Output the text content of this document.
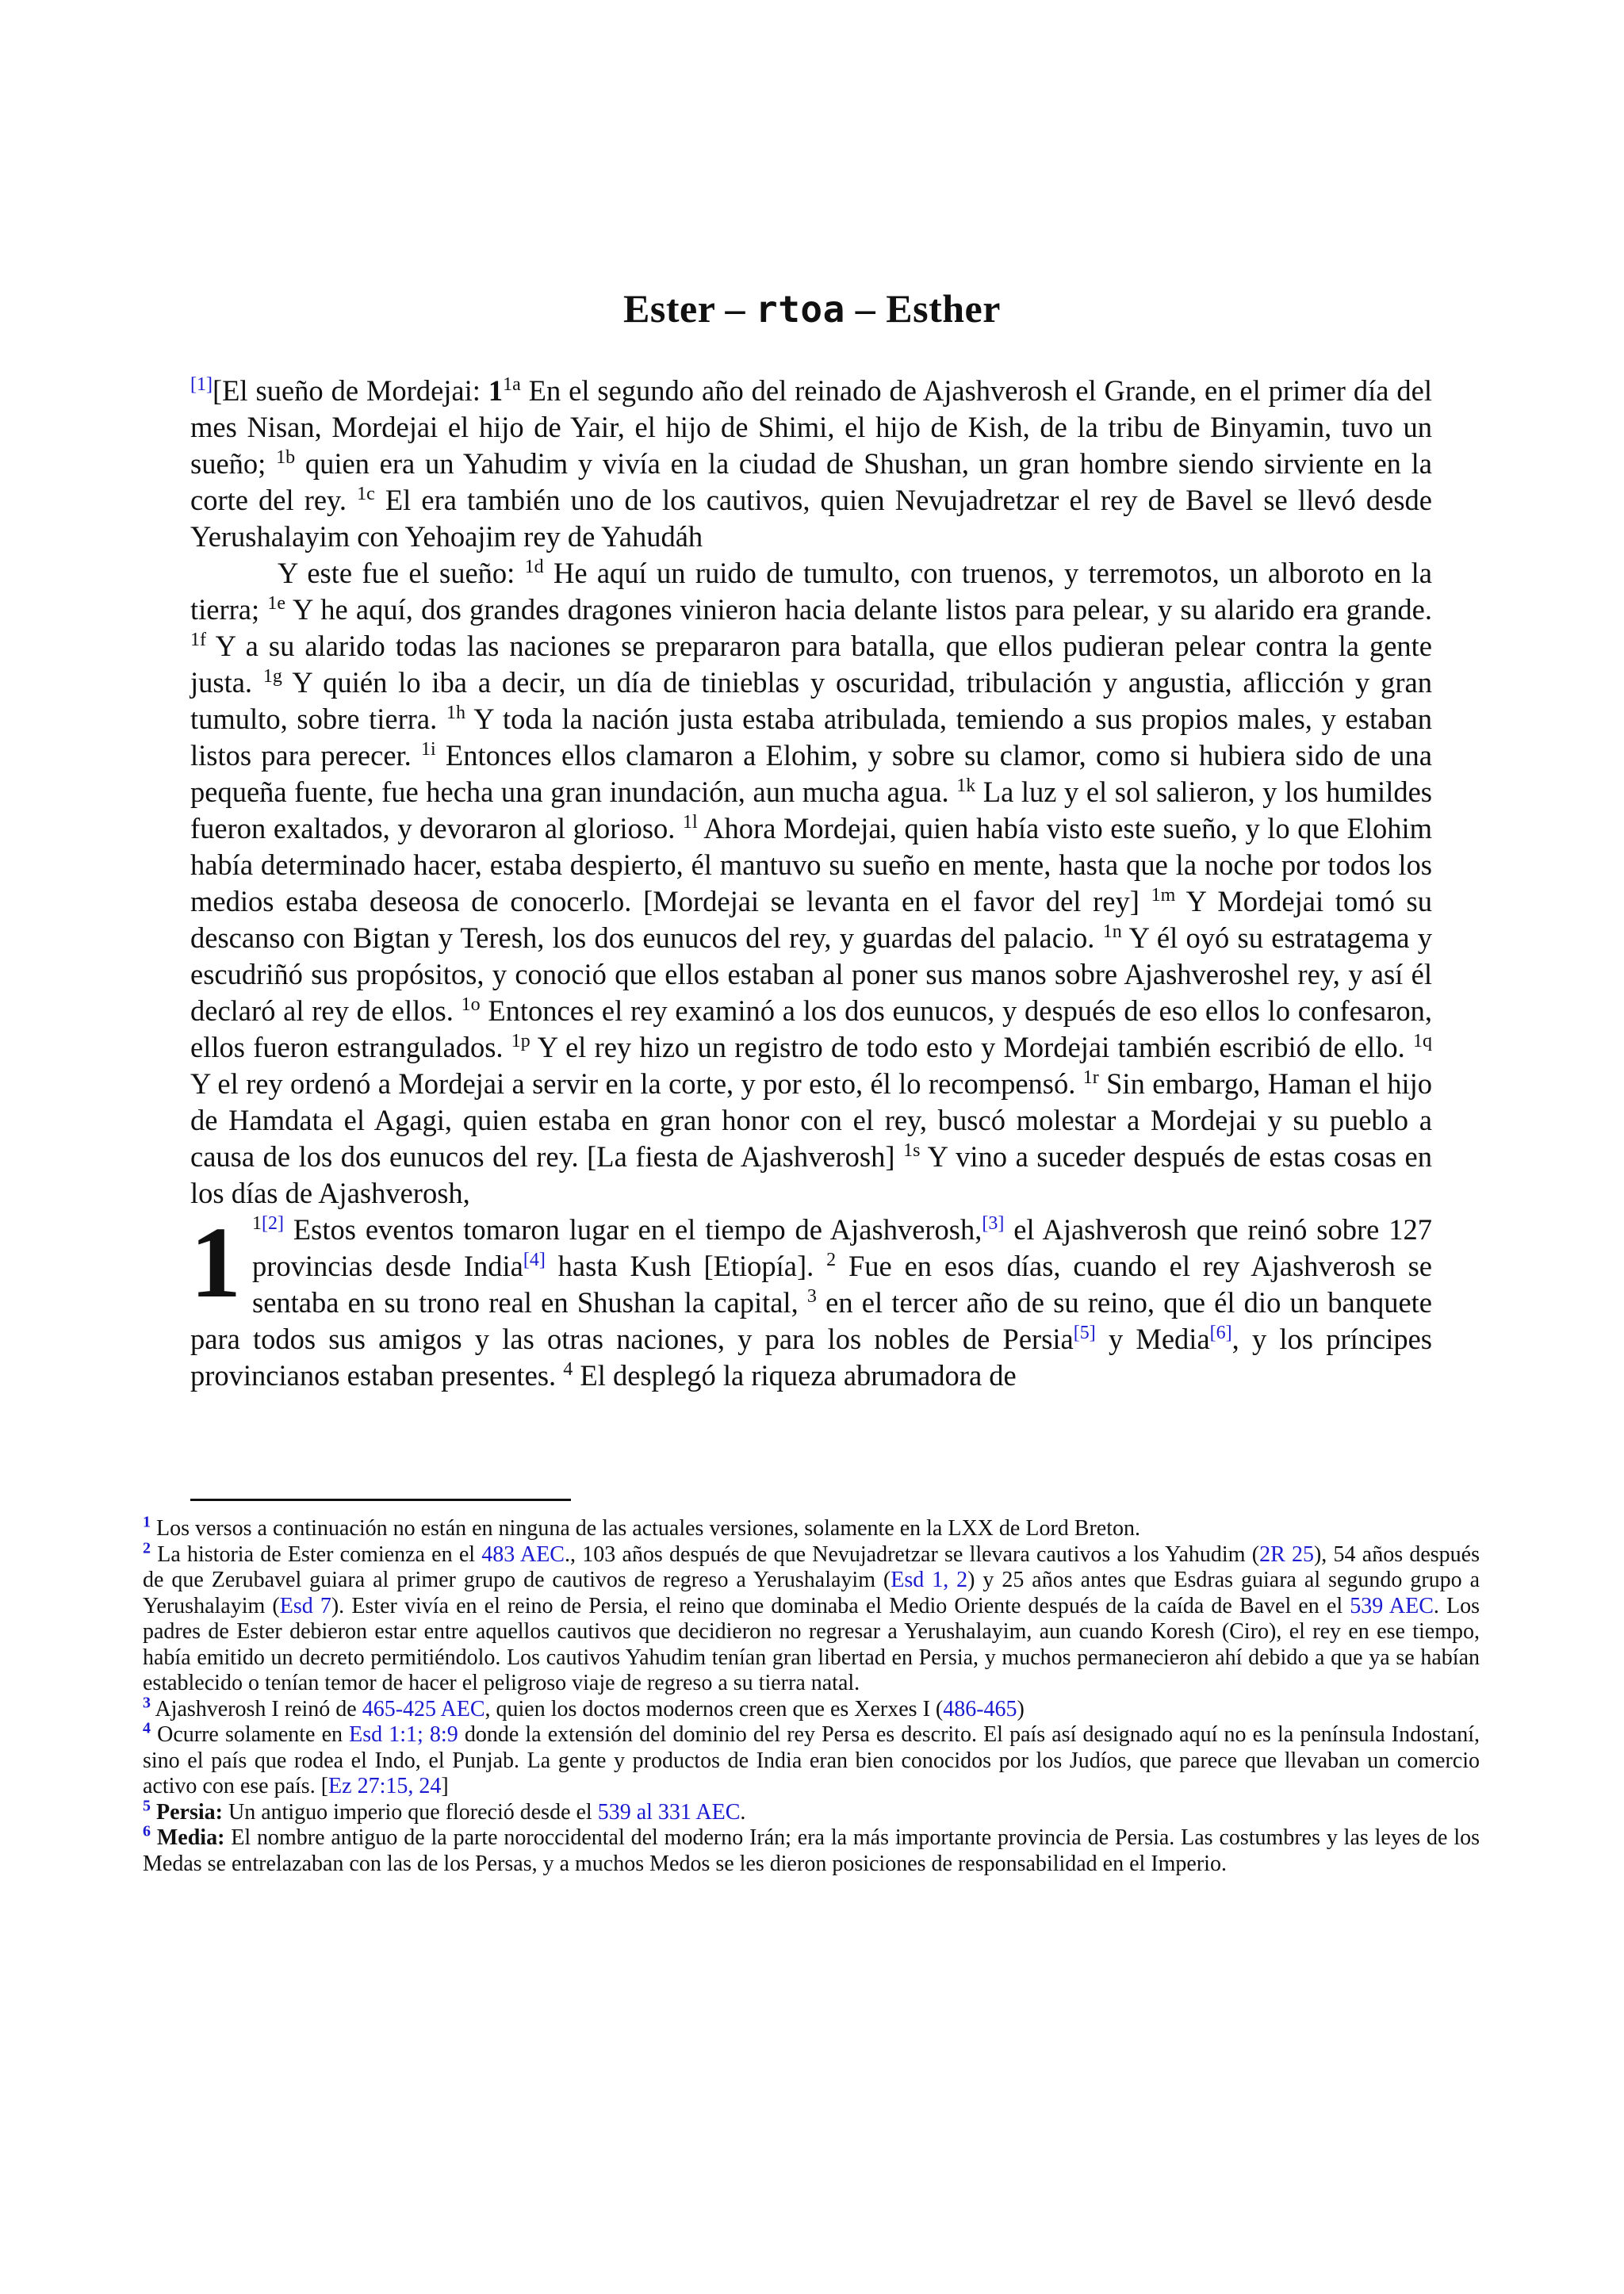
Ester – rtoa – Esther

[1][El sueño de Mordejai: $1^{1a}$ En el segundo año del reinado de Ajashverosh el Grande, en el primer día del mes Nisan, Mordejai el hijo de Yair, el hijo de Shimi, el hijo de Kish, de la tribu de Binyamin, tuvo un sueño; $^{1b}$ quien era un Yahudim y vivía en la ciudad de Shushan, un gran hombre siendo sirviente en la corte del rey. $^{1c}$ El era también uno de los cautivos, quien Nevujadretzar el rey de Bavel se llevó desde Yerushalayim con Yehoajim rey de Yahudáh

Y este fue el sueño: $^{1d}$ He aquí un ruido de tumulto, con truenos, y terremotos, un alboroto en la tierra; $^{1e}$ Y he aquí, dos grandes dragones vinieron hacia delante listos para pelear, y su alarido era grande. $^{1f}$ Y a su alarido todas las naciones se prepararon para batalla, que ellos pudieran pelear contra la gente justa. $^{1g}$ Y quién lo iba a decir, un día de tinieblas y oscuridad, tribulación y angustia, aflicción y gran tumulto, sobre tierra. $^{1h}$ Y toda la nación justa estaba atribulada, temiendo a sus propios males, y estaban listos para perecer. $^{1i}$ Entonces ellos clamaron a Elohim, y sobre su clamor, como si hubiera sido de una pequeña fuente, fue hecha una gran inundación, aun mucha agua. $^{1k}$ La luz y el sol salieron, y los humildes fueron exaltados, y devoraron al glorioso. $^{1l}$ Ahora Mordejai, quien había visto este sueño, y lo que Elohim había determinado hacer, estaba despierto, él mantuvo su sueño en mente, hasta que la noche por todos los medios estaba deseosa de conocerlo. [Mordejai se levanta en el favor del rey] $^{1m}$ Y Mordejai tomó su descanso con Bigtan y Teresh, los dos eunucos del rey, y guardas del palacio. $^{1n}$ Y él oyó su estratagema y escudriñó sus propósitos, y conoció que ellos estaban al poner sus manos sobre Ajashveroshel rey, y así él declaró al rey de ellos. $^{1o}$ Entonces el rey examinó a los dos eunucos, y después de eso ellos lo confesaron, ellos fueron estrangulados. $^{1p}$ Y el rey hizo un registro de todo esto y Mordejai también escribió de ello. $^{1q}$ Y el rey ordenó a Mordejai a servir en la corte, y por esto, él lo recompensó. $^{1r}$ Sin embargo, Haman el hijo de Hamdata el Agagi, quien estaba en gran honor con el rey, buscó molestar a Mordejai y su pueblo a causa de los dos eunucos del rey. [La fiesta de Ajashverosh] $^{1s}$ Y vino a suceder después de estas cosas en los días de Ajashverosh,

1 $^{1[2]}$ Estos eventos tomaron lugar en el tiempo de Ajashverosh,[3] el Ajashverosh que reinó sobre 127 provincias desde India[4] hasta Kush [Etiopía]. $^2$ Fue en esos días, cuando el rey Ajashverosh se sentaba en su trono real en Shushan la capital, $^3$ en el tercer año de su reino, que él dio un banquete para todos sus amigos y las otras naciones, y para los nobles de Persia[5] y Media[6], y los príncipes provincianos estaban presentes. $^4$ El desplegó la riqueza abrumadora de

$^1$ Los versos a continuación no están en ninguna de las actuales versiones, solamente en la LXX de Lord Breton.

$^2$ La historia de Ester comienza en el 483 AEC., 103 años después de que Nevujadretzar se llevara cautivos a los Yahudim (2R 25), 54 años después de que Zerubavel guiara al primer grupo de cautivos de regreso a Yerushalayim (Esd 1, 2) y 25 años antes que Esdras guiara al segundo grupo a Yerushalayim (Esd 7). Ester vivía en el reino de Persia, el reino que dominaba el Medio Oriente después de la caída de Bavel en el 539 AEC. Los padres de Ester debieron estar entre aquellos cautivos que decidieron no regresar a Yerushalayim, aun cuando Koresh (Ciro), el rey en ese tiempo, había emitido un decreto permitiéndolo. Los cautivos Yahudim tenían gran libertad en Persia, y muchos permanecieron ahí debido a que ya se habían establecido o tenían temor de hacer el peligroso viaje de regreso a su tierra natal.

$^3$ Ajashverosh I reinó de 465-425 AEC, quien los doctos modernos creen que es Xerxes I (486-465)

$^4$ Ocurre solamente en Esd 1:1; 8:9 donde la extensión del dominio del rey Persa es descrito. El país así designado aquí no es la península Indostaní, sino el país que rodea el Indo, el Punjab. La gente y productos de India eran bien conocidos por los Judíos, que parece que llevaban un comercio activo con ese país. [Ez 27:15, 24]

$^5$ Persia: Un antiguo imperio que floreció desde el 539 al 331 AEC.

$^6$ Media: El nombre antiguo de la parte noroccidental del moderno Irán; era la más importante provincia de Persia. Las costumbres y las leyes de los Medas se entrelazaban con las de los Persas, y a muchos Medos se les dieron posiciones de responsabilidad en el Imperio.
